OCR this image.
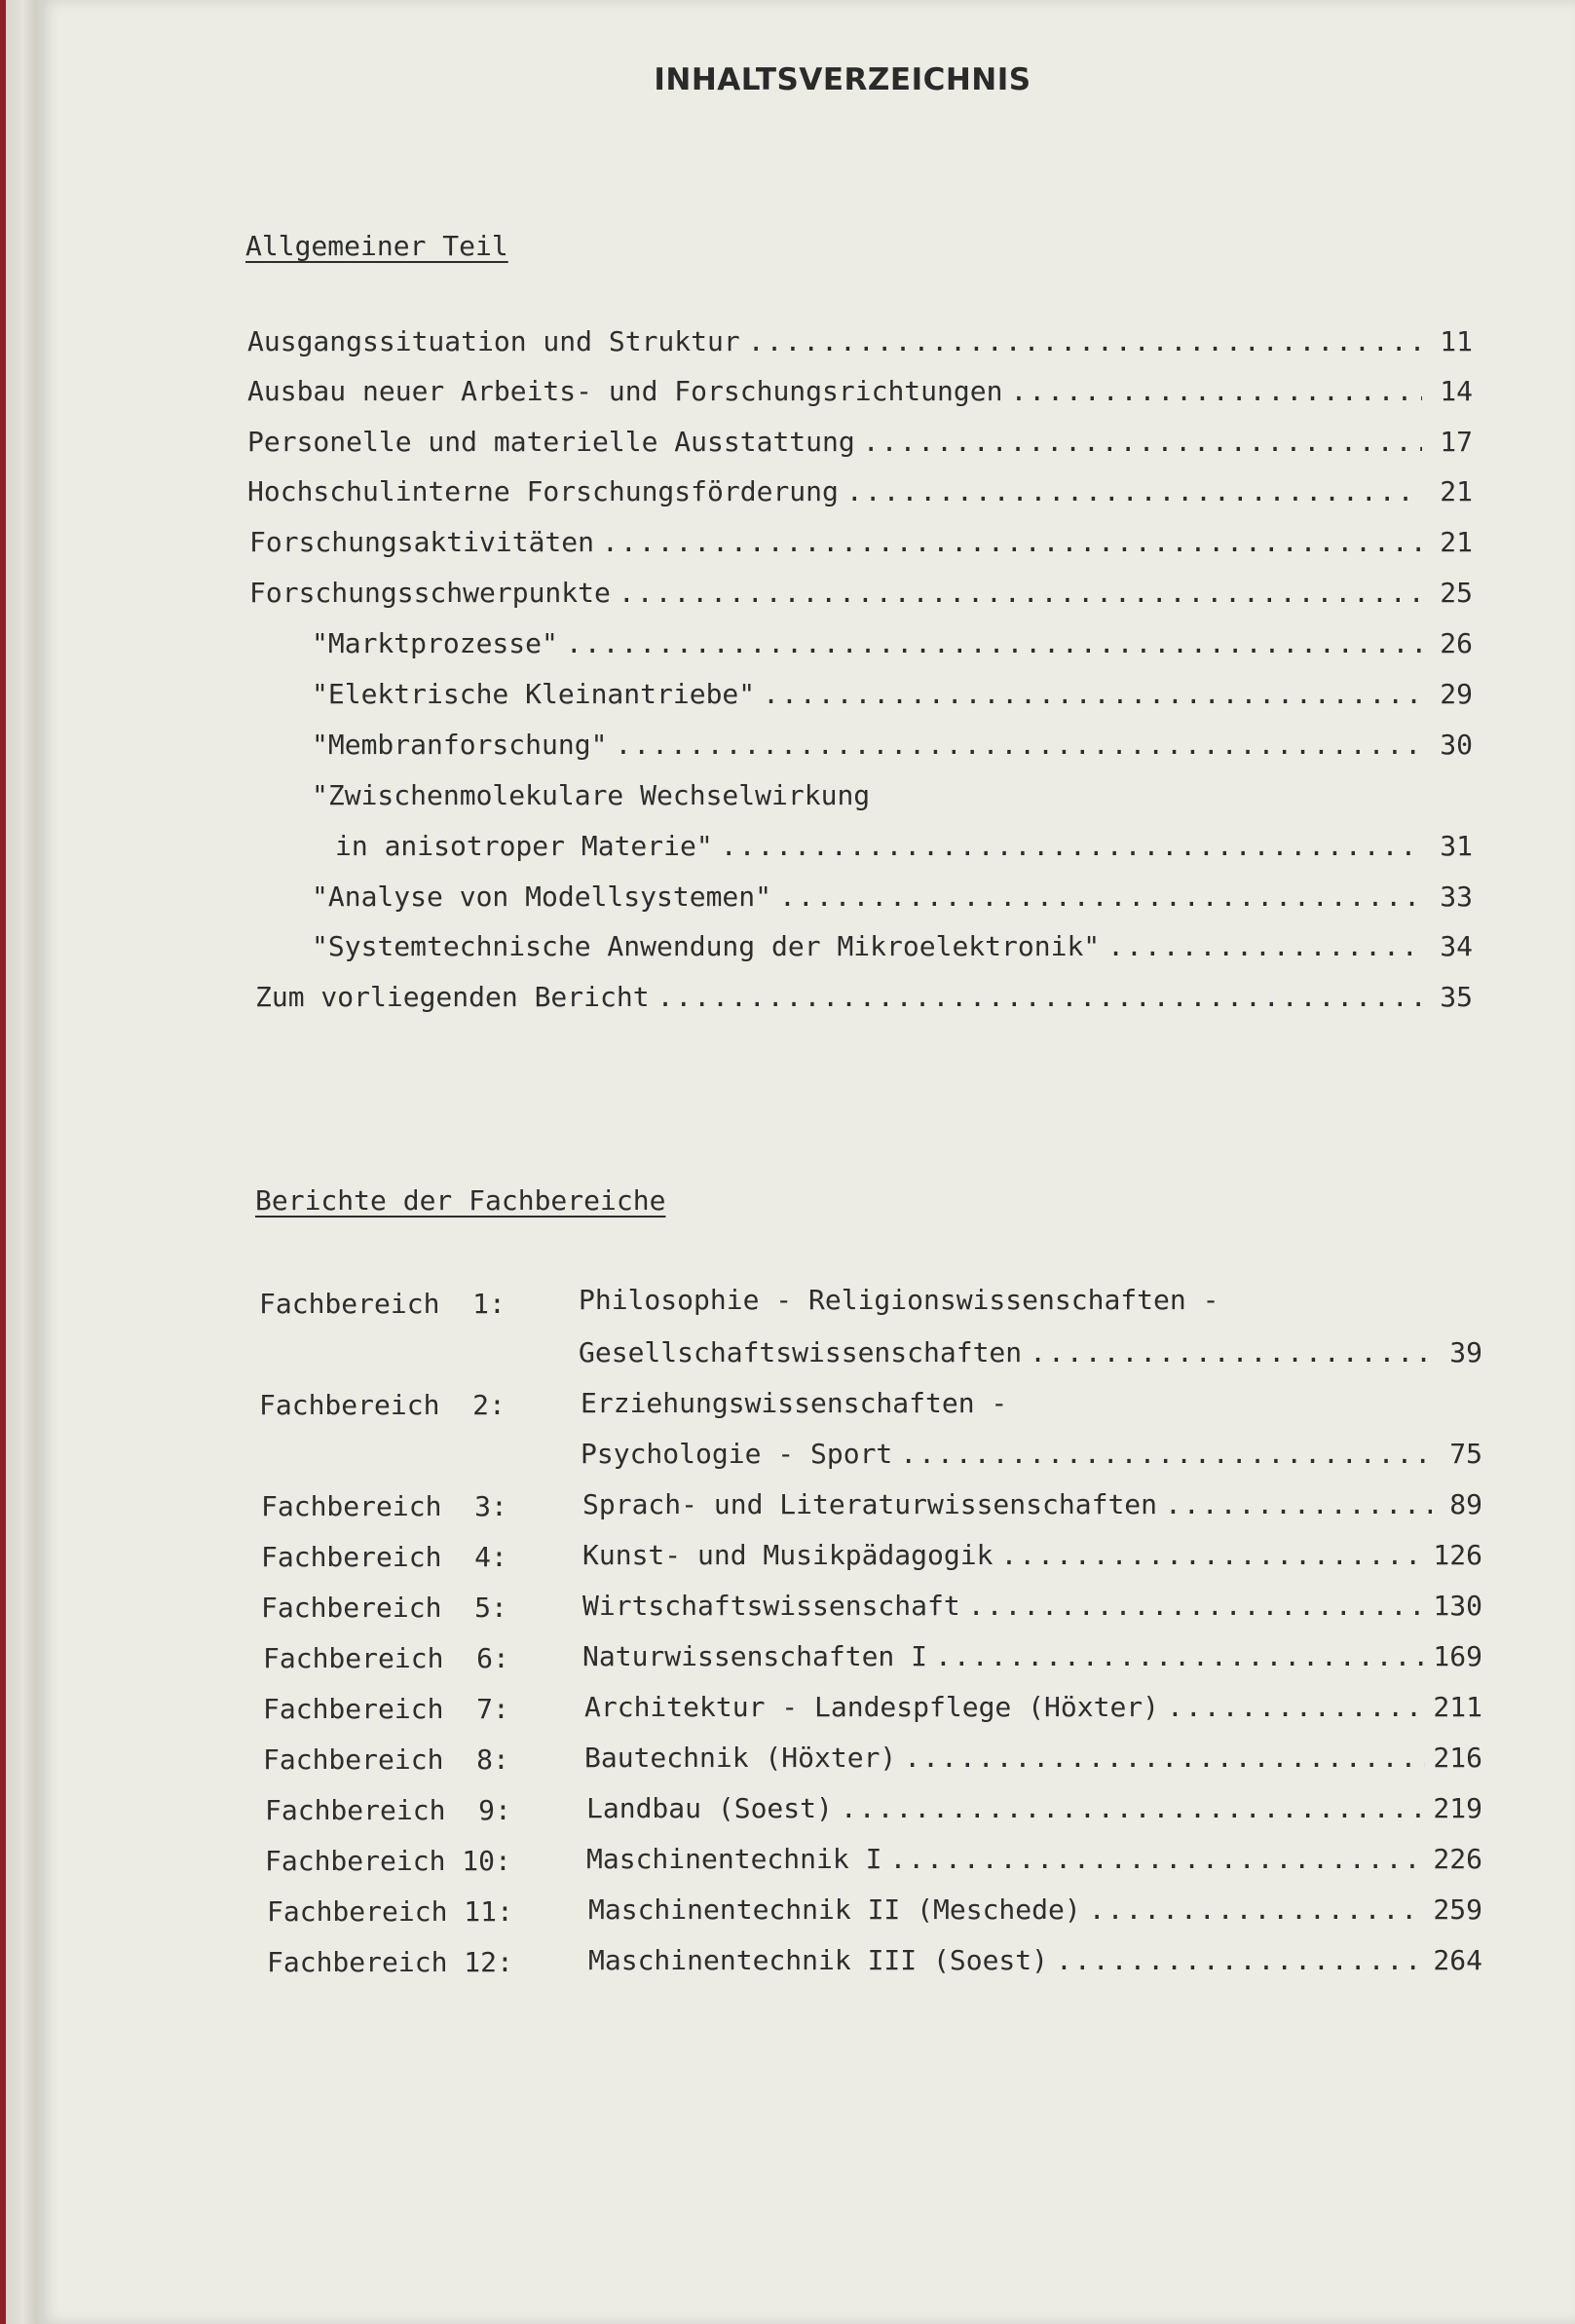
INHALTSVERZEICHNIS
Allgemeiner Teil
Ausgangssituation und Struktur .....	11
Ausbau neuer Arbeits- und Forschungsrichtungen .....	14
Personelle und materielle Ausstattung .....	17
Hochschulinterne Forschungsförderung .....	21
Forschungsaktivitäten .....	21
Forschungsschwerpunkte .....	25
"Marktprozesse" .....	26
"Elektrische Kleinantriebe" .....	29
"Membranforschung" .....	30
"Zwischenmolekulare Wechselwirkung
in anisotroper Materie" .....	31
"Analyse von Modellsystemen" .....	33
"Systemtechnische Anwendung der Mikroelektronik" .....	34
Zum vorliegenden Bericht .....	35
Berichte der Fachbereiche
Fachbereich  1:	Philosophie - Religionswissenschaften -
Gesellschaftswissenschaften .....	39
Fachbereich  2:	Erziehungswissenschaften -
Psychologie - Sport .....	75
Fachbereich  3:	Sprach- und Literaturwissenschaften .....	89
Fachbereich  4:	Kunst- und Musikpädagogik .....	126
Fachbereich  5:	Wirtschaftswissenschaft .....	130
Fachbereich  6:	Naturwissenschaften I .....	169
Fachbereich  7:	Architektur - Landespflege (Höxter) .....	211
Fachbereich  8:	Bautechnik (Höxter) .....	216
Fachbereich  9:	Landbau (Soest) .....	219
Fachbereich 10:	Maschinentechnik I .....	226
Fachbereich 11:	Maschinentechnik II (Meschede) .....	259
Fachbereich 12:	Maschinentechnik III (Soest) .....	264
